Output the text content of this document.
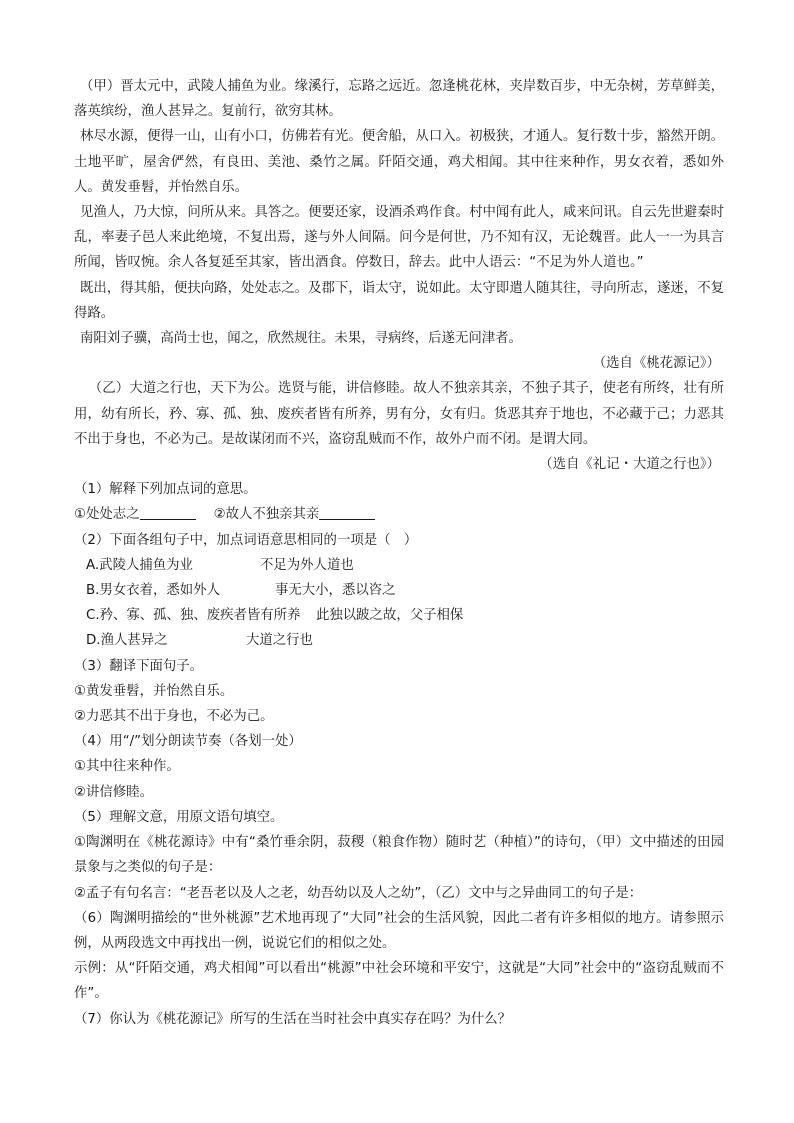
（甲）晋太元中，武陵人捕鱼为业。缘溪行，忘路之远近。忽逢桃花林，夹岸数百步，中无杂树，芳草鲜美，落英缤纷，渔人甚异之。复前行，欲穷其林。

林尽水源，便得一山，山有小口，仿佛若有光。便舍船，从口入。初极狭，才通人。复行数十步，豁然开朗。土地平旷，屋舍俨然，有良田、美池、桑竹之属。阡陌交通，鸡犬相闻。其中往来种作，男女衣着，悉如外人。黄发垂髫，并怡然自乐。

见渔人，乃大惊，问所从来。具答之。便要还家，设酒杀鸡作食。村中闻有此人，咸来问讯。自云先世避秦时乱，率妻子邑人来此绝境，不复出焉，遂与外人间隔。问今是何世，乃不知有汉，无论魏晋。此人一一为具言所闻，皆叹惋。余人各复延至其家，皆出酒食。停数日，辞去。此中人语云：“不足为外人道也。”

既出，得其船，便扶向路，处处志之。及郡下，诣太守，说如此。太守即遣人随其往，寻向所志，遂迷，不复得路。

南阳刘子骥，高尚士也，闻之，欣然规往。未果，寻病终，后遂无问津者。

（选自《桃花源记》）

（乙）大道之行也，天下为公。选贤与能，讲信修睦。故人不独亲其亲，不独子其子，使老有所终，壮有所用，幼有所长，矜、寡、孤、独、废疾者皆有所养，男有分，女有归。货恶其弃于地也，不必藏于己；力恶其不出于身也，不必为己。是故谋闭而不兴，盗窃乱贼而不作，故外户而不闭。是谓大同。

（选自《礼记・大道之行也》）

（1）解释下列加点词的意思。

①处处志之	②故人不独亲其亲

（2）下面各组句子中，加点词语意思相同的一项是（　）

A.武陵人捕鱼为业	不足为外人道也

B.男女衣着，悉如外人	事无大小，悉以咨之

C.矜、寡、孤、独、废疾者皆有所养 此独以跛之故，父子相保

D.渔人甚异之	大道之行也

（3）翻译下面句子。

①黄发垂髫，并怡然自乐。

②力恶其不出于身也，不必为己。

（4）用“/”划分朗读节奏（各划一处）

①其中往来种作。

②讲信修睦。

（5）理解文意，用原文语句填空。

①陶渊明在《桃花源诗》中有“桑竹垂余阴，菽稷（粮食作物）随时艺（种植）”的诗句，（甲）文中描述的田园景象与之类似的句子是：

②孟子有句名言：“老吾老以及人之老，幼吾幼以及人之幼”，（乙）文中与之异曲同工的句子是：

（6）陶渊明描绘的“世外桃源”艺术地再现了“大同”社会的生活风貌，因此二者有许多相似的地方。请参照示例，从两段选文中再找出一例，说说它们的相似之处。

示例：从“阡陌交通，鸡犬相闻”可以看出“桃源”中社会环境和平安宁，这就是“大同”社会中的“盗窃乱贼而不作”。

（7）你认为《桃花源记》所写的生活在当时社会中真实存在吗？为什么？
